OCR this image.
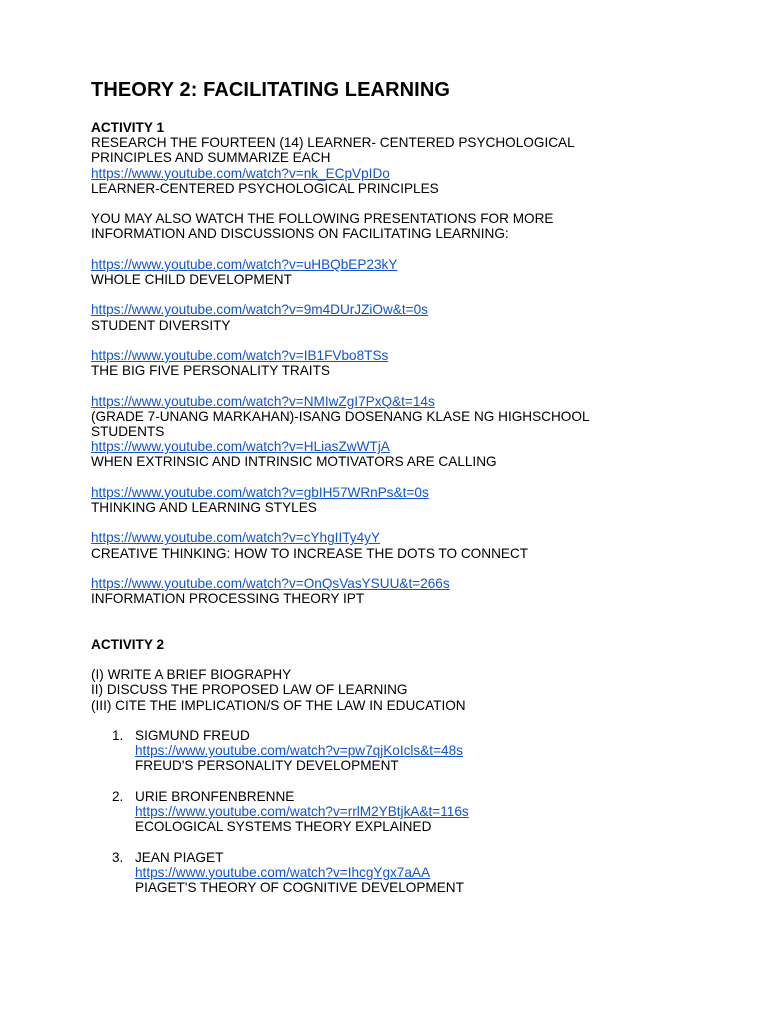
THEORY 2: FACILITATING LEARNING
ACTIVITY 1
RESEARCH THE FOURTEEN (14) LEARNER- CENTERED PSYCHOLOGICAL
PRINCIPLES AND SUMMARIZE EACH
https://www.youtube.com/watch?v=nk_ECpVpIDo
LEARNER-CENTERED PSYCHOLOGICAL PRINCIPLES
YOU MAY ALSO WATCH THE FOLLOWING PRESENTATIONS FOR MORE
INFORMATION AND DISCUSSIONS ON FACILITATING LEARNING:
https://www.youtube.com/watch?v=uHBQbEP23kY
WHOLE CHILD DEVELOPMENT
https://www.youtube.com/watch?v=9m4DUrJZiOw&t=0s
STUDENT DIVERSITY
https://www.youtube.com/watch?v=IB1FVbo8TSs
THE BIG FIVE PERSONALITY TRAITS
https://www.youtube.com/watch?v=NMIwZgI7PxQ&t=14s
(GRADE 7-UNANG MARKAHAN)-ISANG DOSENANG KLASE NG HIGHSCHOOL
STUDENTS
https://www.youtube.com/watch?v=HLiasZwWTjA
WHEN EXTRINSIC AND INTRINSIC MOTIVATORS ARE CALLING
https://www.youtube.com/watch?v=gbIH57WRnPs&t=0s
THINKING AND LEARNING STYLES
https://www.youtube.com/watch?v=cYhgIITy4yY
CREATIVE THINKING: HOW TO INCREASE THE DOTS TO CONNECT
https://www.youtube.com/watch?v=OnQsVasYSUU&t=266s
INFORMATION PROCESSING THEORY IPT
ACTIVITY 2
(I) WRITE A BRIEF BIOGRAPHY
II) DISCUSS THE PROPOSED LAW OF LEARNING
(III) CITE THE IMPLICATION/S OF THE LAW IN EDUCATION
1. SIGMUND FREUD
https://www.youtube.com/watch?v=pw7qjKoIcls&t=48s
FREUD'S PERSONALITY DEVELOPMENT
2. URIE BRONFENBRENNE
https://www.youtube.com/watch?v=rrlM2YBtjkA&t=116s
ECOLOGICAL SYSTEMS THEORY EXPLAINED
3. JEAN PIAGET
https://www.youtube.com/watch?v=IhcgYgx7aAA
PIAGET'S THEORY OF COGNITIVE DEVELOPMENT
